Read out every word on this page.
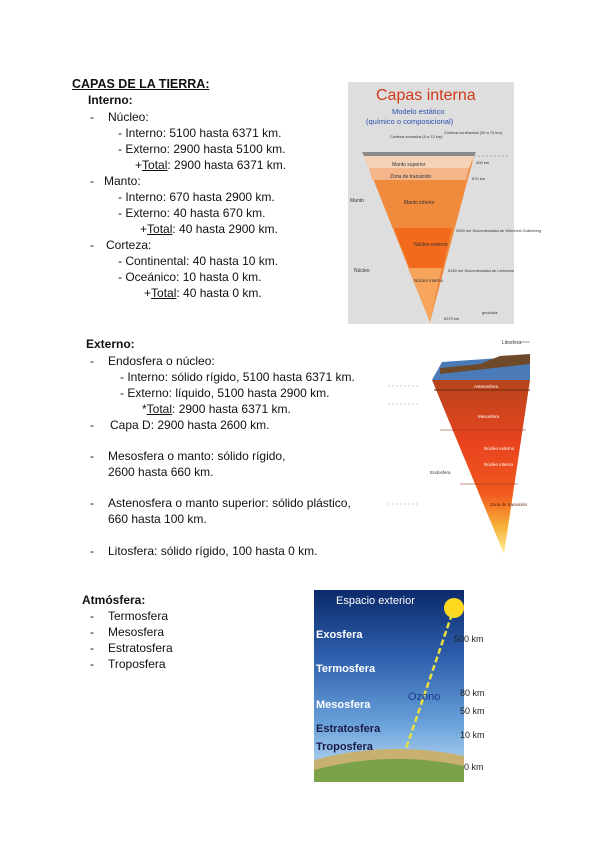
CAPAS DE LA TIERRA:
Interno:
- Núcleo:
- Interno: 5100 hasta 6371 km.
- Externo: 2900 hasta 5100 km.
+Total: 2900 hasta 6371 km.
- Manto:
- Interno: 670 hasta 2900 km.
- Externo: 40 hasta 670 km.
+Total: 40 hasta 2900 km.
- Corteza:
- Continental: 40 hasta 10 km.
- Oceánico: 10 hasta 0 km.
+Total: 40 hasta 0 km.
Externo:
- Endosfera o núcleo:
- Interno: sólido rígido, 5100 hasta 6371 km.
- Externo: líquido, 5100 hasta 2900 km.
*Total: 2900 hasta 6371 km.
- Capa D: 2900 hasta 2600 km.
- Mesosfera o manto: sólido rígido,
2600 hasta 660 km.
- Astenosfera o manto superior: sólido plástico,
660 hasta 100 km.
- Litosfera: sólido rígido, 100 hasta 0 km.
Atmósfera:
- Termosfera
- Mesosfera
- Estratosfera
- Troposfera
Capas interna
Modelo estático
(químico o composicional)
Corteza oceánica (5 a 12 km)
Corteza continental (30 a 70 km)
Manto superior
Zona de transición
Manto inferior
Núcleo externo
Núcleo interno
Manto
Núcleo
400 km
670 km
2900 km Discontinuidad de Wiechert-Gutenberg
5150 km Discontinuidad de Lehmann
6370 km
geolodía
Litosfera
Astenosfera
Mesosfera
Núcleo externo
Núcleo interno
Zona de transición
Endosfera
Espacio exterior
Exosfera
Termosfera
Ozono
Mesosfera
Estratosfera
Troposfera
500 km
80 km
50 km
10 km
0 km
